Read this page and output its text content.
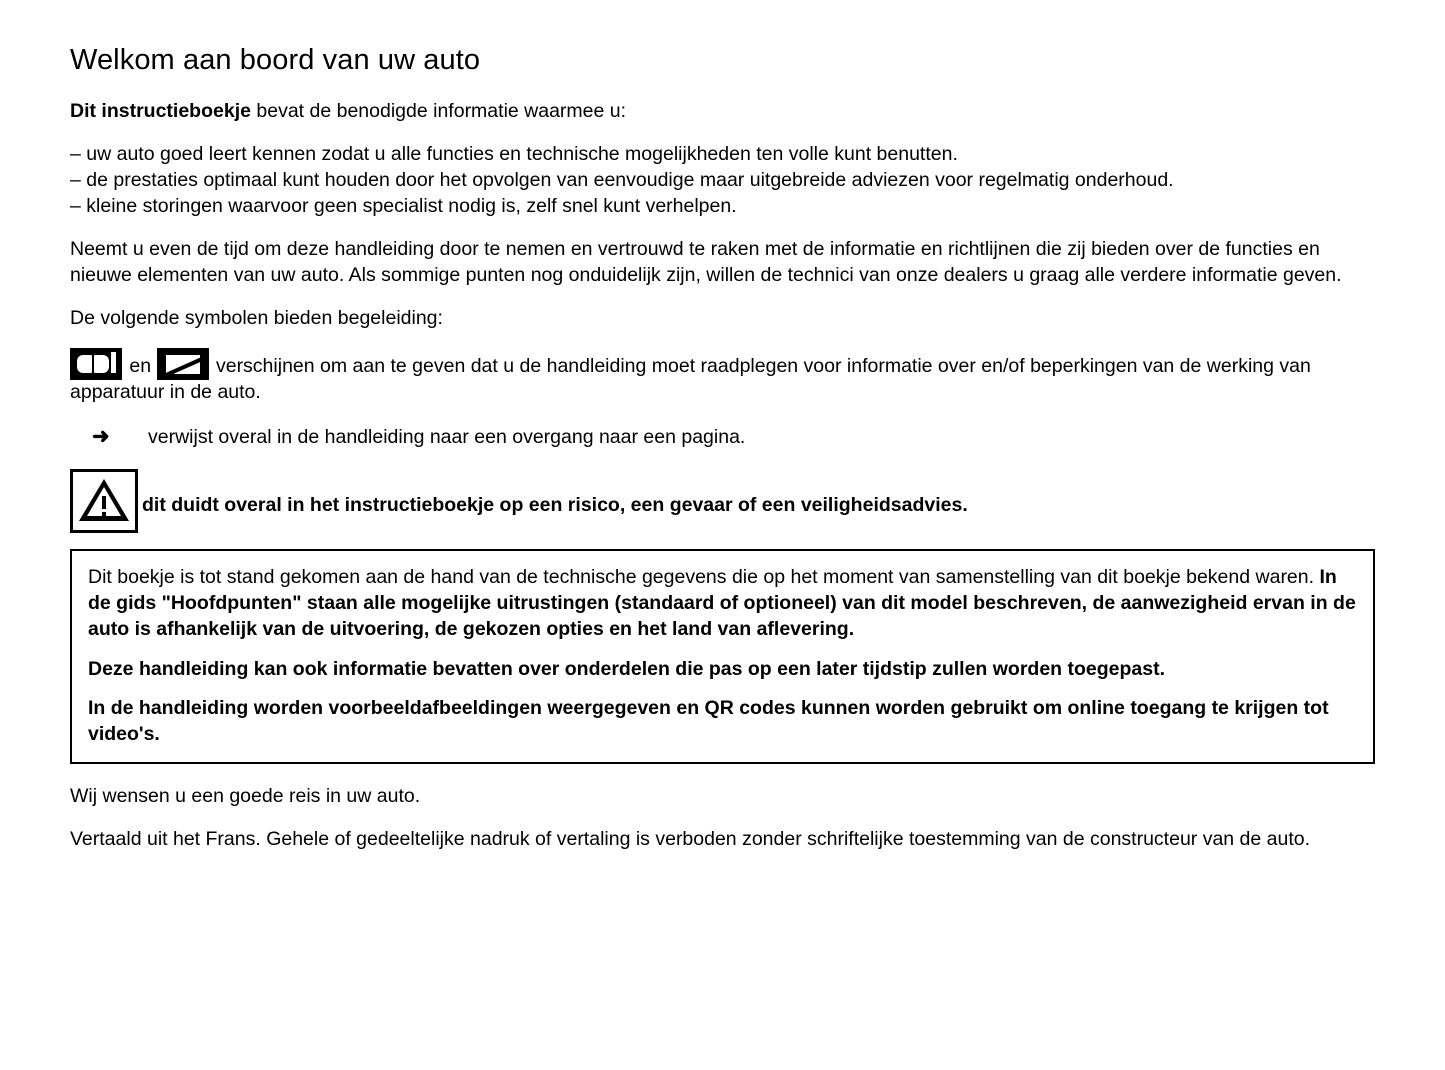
Welkom aan boord van uw auto

Dit instructieboekje bevat de benodigde informatie waarmee u:

– uw auto goed leert kennen zodat u alle functies en technische mogelijkheden ten volle kunt benutten.
– de prestaties optimaal kunt houden door het opvolgen van eenvoudige maar uitgebreide adviezen voor regelmatig onderhoud.
– kleine storingen waarvoor geen specialist nodig is, zelf snel kunt verhelpen.

Neemt u even de tijd om deze handleiding door te nemen en vertrouwd te raken met de informatie en richtlijnen die zij bieden over de functies en nieuwe elementen van uw auto. Als sommige punten nog onduidelijk zijn, willen de technici van onze dealers u graag alle verdere informatie geven.

De volgende symbolen bieden begeleiding:

en	verschijnen om aan te geven dat u de handleiding moet raadplegen voor informatie over en/of beperkingen van de werking van apparatuur in de auto.
➜ verwijst overal in de handleiding naar een overgang naar een pagina.
dit duidt overal in het instructieboekje op een risico, een gevaar of een veiligheidsadvies.

Dit boekje is tot stand gekomen aan de hand van de technische gegevens die op het moment van samenstelling van dit boekje bekend waren. In de gids "Hoofdpunten" staan alle mogelijke uitrustingen (standaard of optioneel) van dit model beschreven, de aanwezigheid ervan in de auto is afhankelijk van de uitvoering, de gekozen opties en het land van aflevering.

Deze handleiding kan ook informatie bevatten over onderdelen die pas op een later tijdstip zullen worden toegepast.

In de handleiding worden voorbeeldafbeeldingen weergegeven en QR codes kunnen worden gebruikt om online toegang te krijgen tot video's.

Wij wensen u een goede reis in uw auto.

Vertaald uit het Frans. Gehele of gedeeltelijke nadruk of vertaling is verboden zonder schriftelijke toestemming van de constructeur van de auto.
